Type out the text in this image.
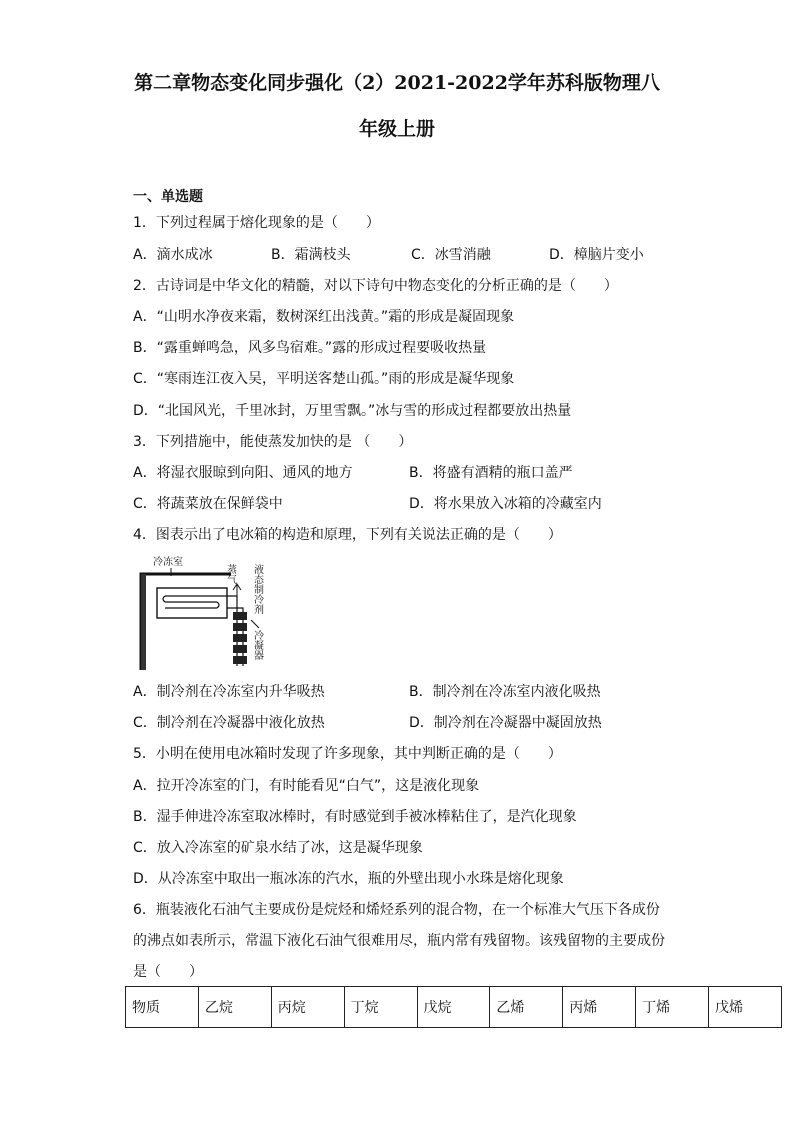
第二章物态变化同步强化（2）2021-2022学年苏科版物理八
年级上册
一、单选题
1．下列过程属于熔化现象的是（　　）
A．滴水成冰	B．霜满枝头	C．冰雪消融	D．樟脑片变小
2．古诗词是中华文化的精髓，对以下诗句中物态变化的分析正确的是（　　）
A．“山明水净夜来霜，数树深红出浅黄。”霜的形成是凝固现象
B．“露重蝉鸣急，风多鸟宿难。”露的形成过程要吸收热量
C．“寒雨连江夜入吴，平明送客楚山孤。”雨的形成是凝华现象
D．“北国风光，千里冰封，万里雪飘。”冰与雪的形成过程都要放出热量
3．下列措施中，能使蒸发加快的是 （　　）
A．将湿衣服晾到向阳、通风的地方	B．将盛有酒精的瓶口盖严
C．将蔬菜放在保鲜袋中	D．将水果放入冰箱的冷藏室内
4．图表示出了电冰箱的构造和原理，下列有关说法正确的是（　　）
冷冻室
蒸气 液态制冷剂
冷凝器
A．制冷剂在冷冻室内升华吸热	B．制冷剂在冷冻室内液化吸热
C．制冷剂在冷凝器中液化放热	D．制冷剂在冷凝器中凝固放热
5．小明在使用电冰箱时发现了许多现象，其中判断正确的是（　　）
A．拉开冷冻室的门，有时能看见“白气”，这是液化现象
B．湿手伸进冷冻室取冰棒时，有时感觉到手被冰棒粘住了，是汽化现象
C．放入冷冻室的矿泉水结了冰，这是凝华现象
D．从冷冻室中取出一瓶冰冻的汽水，瓶的外壁出现小水珠是熔化现象
6．瓶装液化石油气主要成份是烷烃和烯烃系列的混合物，在一个标准大气压下各成份
的沸点如表所示，常温下液化石油气很难用尽，瓶内常有残留物。该残留物的主要成份
是（　　）
物质	乙烷	丙烷	丁烷	戊烷	乙烯	丙烯	丁烯	戊烯
